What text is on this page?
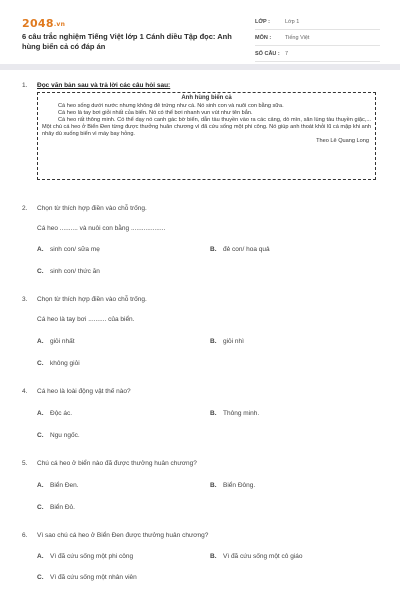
2048.vn
6 câu trắc nghiệm Tiếng Việt lớp 1 Cánh diều Tập đọc: Anh hùng biển cả có đáp án
LỚP :	Lớp 1
MÔN :	Tiếng Việt
SỐ CÂU : 7
1. Đọc văn bản sau và trả lời các câu hỏi sau:
Anh hùng biển cả

Cá heo sống dưới nước nhưng không đẻ trứng như cá. Nó sinh con và nuôi con bằng sữa.

Cá heo là tay bơi giỏi nhất của biển. Nó có thể bơi nhanh vun vút như tên bắn.

Cá heo rất thông minh. Có thể dạy nó canh gác bờ biển, dẫn tàu thuyền vào ra các cảng, dò mìn, săn lùng tàu thuyền giặc,... Một chú cá heo ở Biển Đen từng được thưởng huân chương vì đã cứu sống một phi công. Nó giúp anh thoát khỏi lũ cá mập khi anh nhảy dù xuống biển vì máy bay hỏng.

Theo Lê Quang Long
2. Chọn từ thích hợp điền vào chỗ trống.
Cá heo .......... và nuôi con bằng ...................
A. sinh con/ sữa mẹ	B. đẻ con/ hoa quả
C. sinh con/ thức ăn
3. Chọn từ thích hợp điền vào chỗ trống.
Cá heo là tay bơi .......... của biển.
A. giỏi nhất	B. giỏi nhì
C. không giỏi
4. Cá heo là loài động vật thế nào?
A. Độc ác.	B. Thông minh.
C. Ngu ngốc.
5. Chú cá heo ở biển nào đã được thưởng huân chương?
A. Biển Đen.	B. Biển Đông.
C. Biển Đỏ.
6. Vì sao chú cá heo ở Biển Đen được thưởng huân chương?
A. Vì đã cứu sống một phi công	B. Vì đã cứu sống một cô giáo
C. Vì đã cứu sống một nhân viên
